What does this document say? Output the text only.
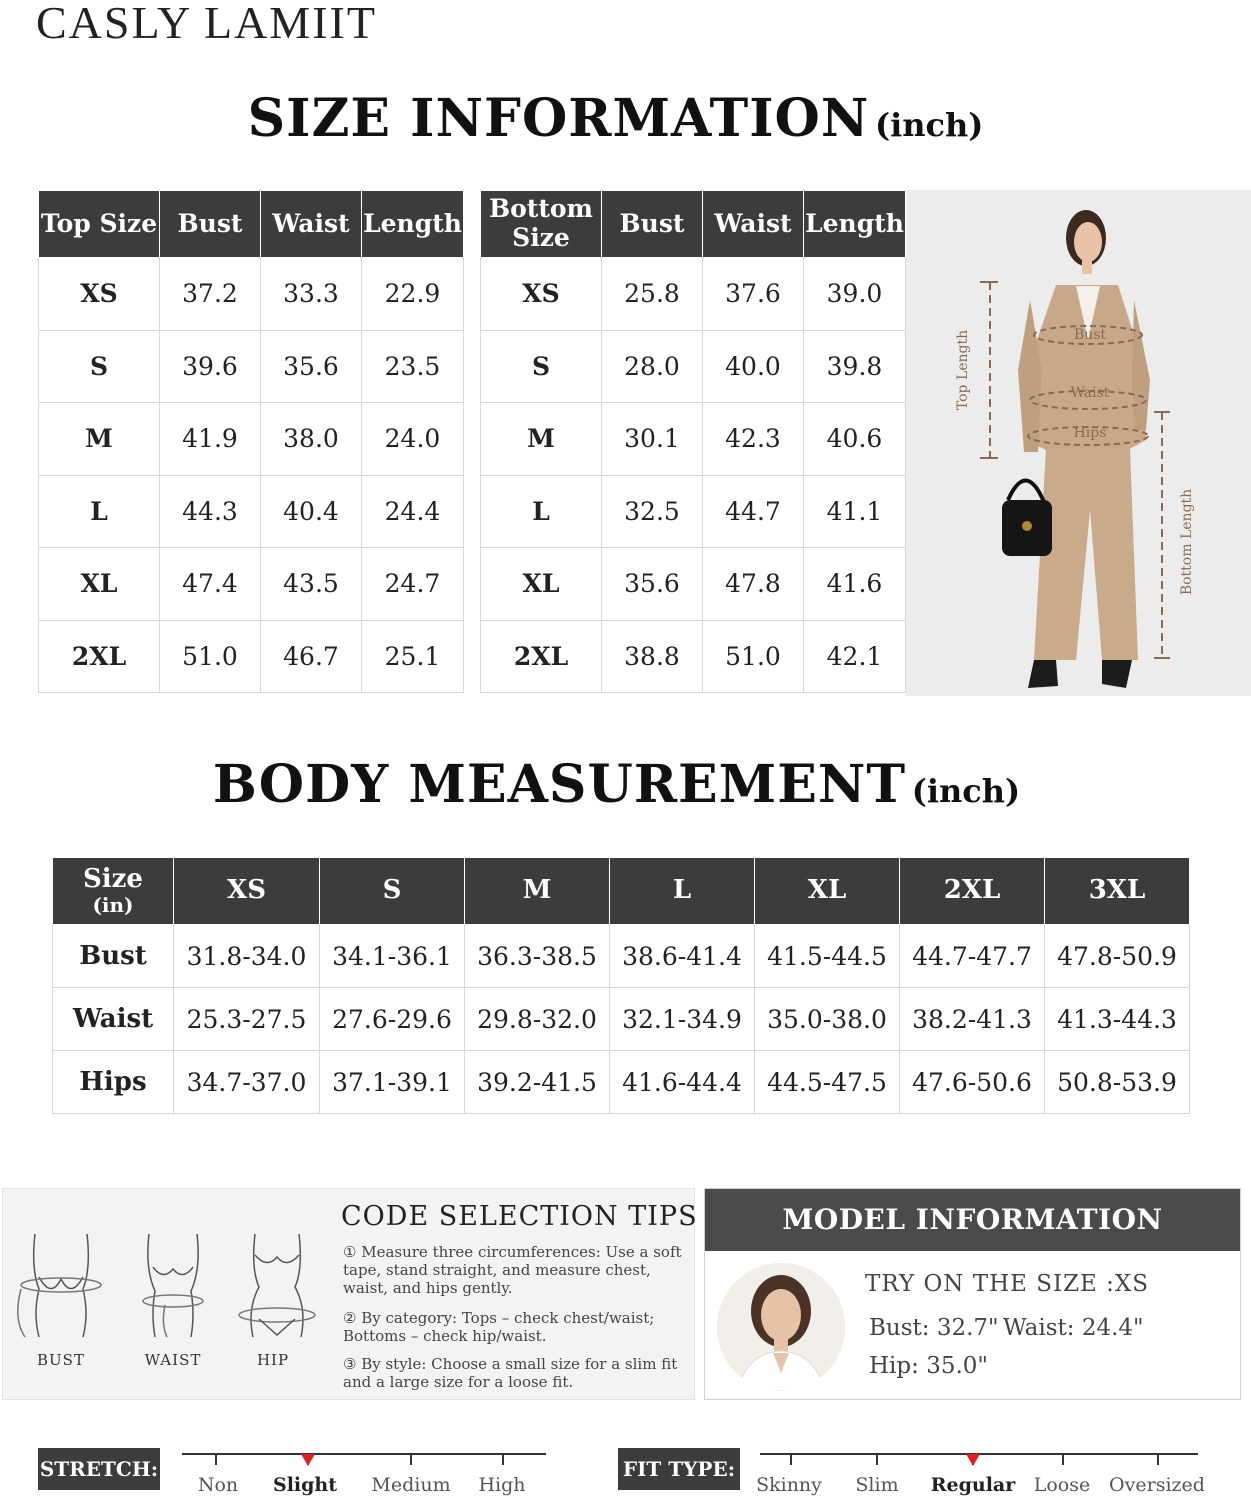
CASLY LAMIIT
SIZE INFORMATION (inch)
Top Size	Bust	Waist	Length
XS	37.2	33.3	22.9
S	39.6	35.6	23.5
M	41.9	38.0	24.0
L	44.3	40.4	24.4
XL	47.4	43.5	24.7
2XL	51.0	46.7	25.1
Bottom Size	Bust	Waist	Length
XS	25.8	37.6	39.0
S	28.0	40.0	39.8
M	30.1	42.3	40.6
L	32.5	44.7	41.1
XL	35.6	47.8	41.6
2XL	38.8	51.0	42.1
Bust
Waist
Hips
Top Length
Bottom Length
BODY MEASUREMENT (inch)
Size
(in)	XS	S	M	L	XL	2XL	3XL
Bust	31.8-34.0	34.1-36.1	36.3-38.5	38.6-41.4	41.5-44.5	44.7-47.7	47.8-50.9
Waist	25.3-27.5	27.6-29.6	29.8-32.0	32.1-34.9	35.0-38.0	38.2-41.3	41.3-44.3
Hips	34.7-37.0	37.1-39.1	39.2-41.5	41.6-44.4	44.5-47.5	47.6-50.6	50.8-53.9
BUST	WAIST	HIP
CODE SELECTION TIPS
① Measure three circumferences: Use a soft tape, stand straight, and measure chest, waist, and hips gently.
② By category: Tops – check chest/waist; Bottoms – check hip/waist.
③ By style: Choose a small size for a slim fit and a large size for a loose fit.
MODEL INFORMATION
TRY ON THE SIZE :XS
Bust: 32.7" Waist: 24.4"
Hip: 35.0"
STRETCH:
Non Slight Medium High
FIT TYPE:
Skinny Slim Regular Loose Oversized
